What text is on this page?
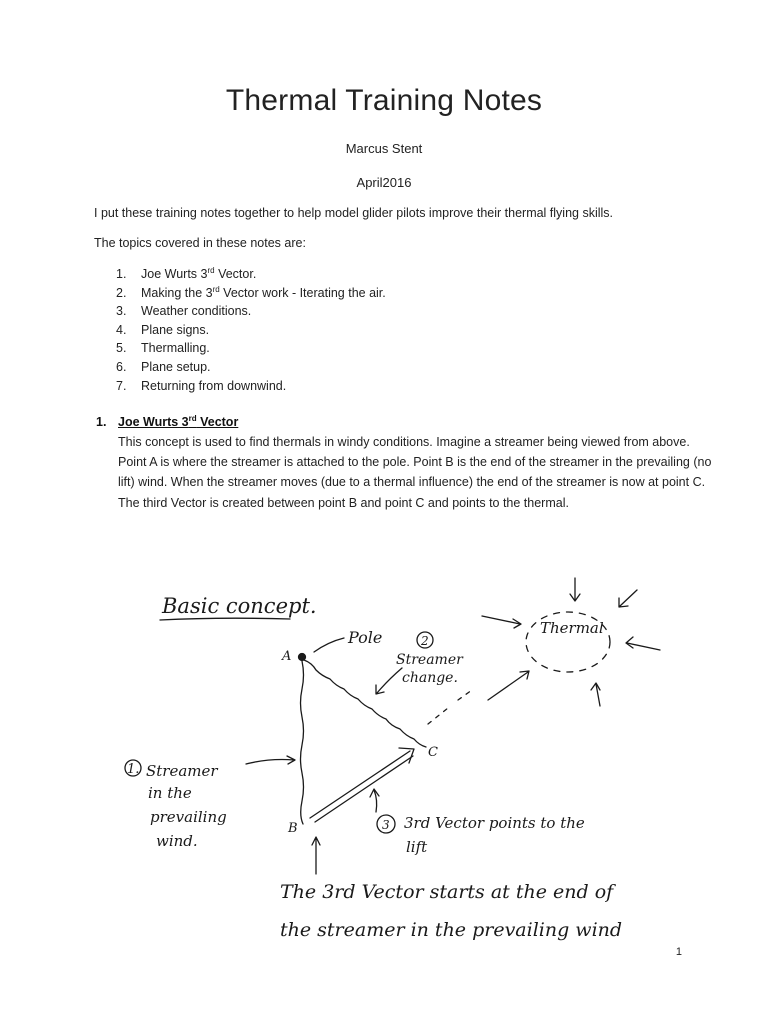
Thermal Training Notes
Marcus Stent
April2016
I put these training notes together to help model glider pilots improve their thermal flying skills.
The topics covered in these notes are:
1. Joe Wurts 3rd Vector.
2. Making the 3rd Vector work - Iterating the air.
3. Weather conditions.
4. Plane signs.
5. Thermalling.
6. Plane setup.
7. Returning from downwind.
1. Joe Wurts 3rd Vector
This concept is used to find thermals in windy conditions. Imagine a streamer being viewed from above. Point A is where the streamer is attached to the pole. Point B is the end of the streamer in the prevailing (no lift) wind. When the streamer moves (due to a thermal influence) the end of the streamer is now at point C. The third Vector is created between point B and point C and points to the thermal.
Basic concept.
A
B
C
Pole	Thermal
2
Streamer
change.
1. Streamer
in the
prevailing
wind.
3 3rd Vector points to the
lift
The 3rd Vector starts at the end of
the streamer in the prevailing wind
1
